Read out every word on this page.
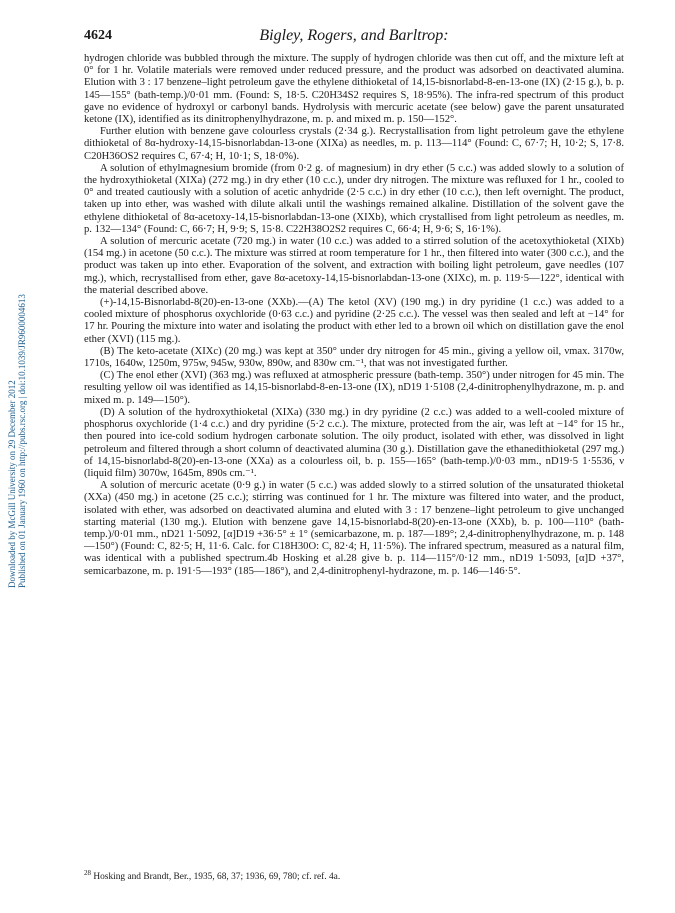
Downloaded by McGill University on 29 December 2012 Published on 01 January 1960 on http://pubs.rsc.org | doi:10.1039/JR9600004613
4624	Bigley, Rogers, and Barltrop:

hydrogen chloride was bubbled through the mixture. The supply of hydrogen chloride was then cut off, and the mixture left at 0° for 1 hr. Volatile materials were removed under reduced pressure, and the product was adsorbed on deactivated alumina. Elution with 3 : 17 benzene–light petroleum gave the ethylene dithioketal of 14,15-bisnorlabd-8-en-13-one (IX) (2·15 g.), b. p. 145—155° (bath-temp.)/0·01 mm. (Found: S, 18·5. C20H34S2 requires S, 18·95%). The infra-red spectrum of this product gave no evidence of hydroxyl or carbonyl bands. Hydrolysis with mercuric acetate (see below) gave the parent unsaturated ketone (IX), identified as its dinitrophenylhydrazone, m. p. and mixed m. p. 150—152°.

Further elution with benzene gave colourless crystals (2·34 g.). Recrystallisation from light petroleum gave the ethylene dithioketal of 8α-hydroxy-14,15-bisnorlabdan-13-one (XIXa) as needles, m. p. 113—114° (Found: C, 67·7; H, 10·2; S, 17·8. C20H36OS2 requires C, 67·4; H, 10·1; S, 18·0%).

A solution of ethylmagnesium bromide (from 0·2 g. of magnesium) in dry ether (5 c.c.) was added slowly to a solution of the hydroxythioketal (XIXa) (272 mg.) in dry ether (10 c.c.), under dry nitrogen. The mixture was refluxed for 1 hr., cooled to 0° and treated cautiously with a solution of acetic anhydride (2·5 c.c.) in dry ether (10 c.c.), then left overnight. The product, taken up into ether, was washed with dilute alkali until the washings remained alkaline. Distillation of the solvent gave the ethylene dithioketal of 8α-acetoxy-14,15-bisnorlabdan-13-one (XIXb), which crystallised from light petroleum as needles, m. p. 132—134° (Found: C, 66·7; H, 9·9; S, 15·8. C22H38O2S2 requires C, 66·4; H, 9·6; S, 16·1%).

A solution of mercuric acetate (720 mg.) in water (10 c.c.) was added to a stirred solution of the acetoxythioketal (XIXb) (154 mg.) in acetone (50 c.c.). The mixture was stirred at room temperature for 1 hr., then filtered into water (300 c.c.), and the product was taken up into ether. Evaporation of the solvent, and extraction with boiling light petroleum, gave needles (107 mg.), which, recrystallised from ether, gave 8α-acetoxy-14,15-bisnorlabdan-13-one (XIXc), m. p. 119·5—122°, identical with the material described above.

(+)-14,15-Bisnorlabd-8(20)-en-13-one (XXb).—(A) The ketol (XV) (190 mg.) in dry pyridine (1 c.c.) was added to a cooled mixture of phosphorus oxychloride (0·63 c.c.) and pyridine (2·25 c.c.). The vessel was then sealed and left at −14° for 17 hr. Pouring the mixture into water and isolating the product with ether led to a brown oil which on distillation gave the enol ether (XVI) (115 mg.).

(B) The keto-acetate (XIXc) (20 mg.) was kept at 350° under dry nitrogen for 45 min., giving a yellow oil, νmax. 3170w, 1710s, 1640w, 1250m, 975w, 945w, 930w, 890w, and 830w cm.⁻¹, that was not investigated further.

(C) The enol ether (XVI) (363 mg.) was refluxed at atmospheric pressure (bath-temp. 350°) under nitrogen for 45 min. The resulting yellow oil was identified as 14,15-bisnorlabd-8-en-13-one (IX), nD19 1·5108 (2,4-dinitrophenylhydrazone, m. p. and mixed m. p. 149—150°).

(D) A solution of the hydroxythioketal (XIXa) (330 mg.) in dry pyridine (2 c.c.) was added to a well-cooled mixture of phosphorus oxychloride (1·4 c.c.) and dry pyridine (5·2 c.c.). The mixture, protected from the air, was left at −14° for 15 hr., then poured into ice-cold sodium hydrogen carbonate solution. The oily product, isolated with ether, was dissolved in light petroleum and filtered through a short column of deactivated alumina (30 g.). Distillation gave the ethanedithioketal (297 mg.) of 14,15-bisnorlabd-8(20)-en-13-one (XXa) as a colourless oil, b. p. 155—165° (bath-temp.)/0·03 mm., nD19·5 1·5536, ν (liquid film) 3070w, 1645m, 890s cm.⁻¹.

A solution of mercuric acetate (0·9 g.) in water (5 c.c.) was added slowly to a stirred solution of the unsaturated thioketal (XXa) (450 mg.) in acetone (25 c.c.); stirring was continued for 1 hr. The mixture was filtered into water, and the product, isolated with ether, was adsorbed on deactivated alumina and eluted with 3 : 17 benzene–light petroleum to give unchanged starting material (130 mg.). Elution with benzene gave 14,15-bisnorlabd-8(20)-en-13-one (XXb), b. p. 100—110° (bath-temp.)/0·01 mm., nD21 1·5092, [α]D19 +36·5° ± 1° (semicarbazone, m. p. 187—189°; 2,4-dinitrophenylhydrazone, m. p. 148—150°) (Found: C, 82·5; H, 11·6. Calc. for C18H30O: C, 82·4; H, 11·5%). The infrared spectrum, measured as a natural film, was identical with a published spectrum.4b Hosking et al.28 give b. p. 114—115°/0·12 mm., nD19 1·5093, [α]D +37°, semicarbazone, m. p. 191·5—193° (185—186°), and 2,4-dinitrophenyl-hydrazone, m. p. 146—146·5°.

$^{28}$ Hosking and Brandt, Ber., 1935, 68, 37; 1936, 69, 780; cf. ref. 4a.
